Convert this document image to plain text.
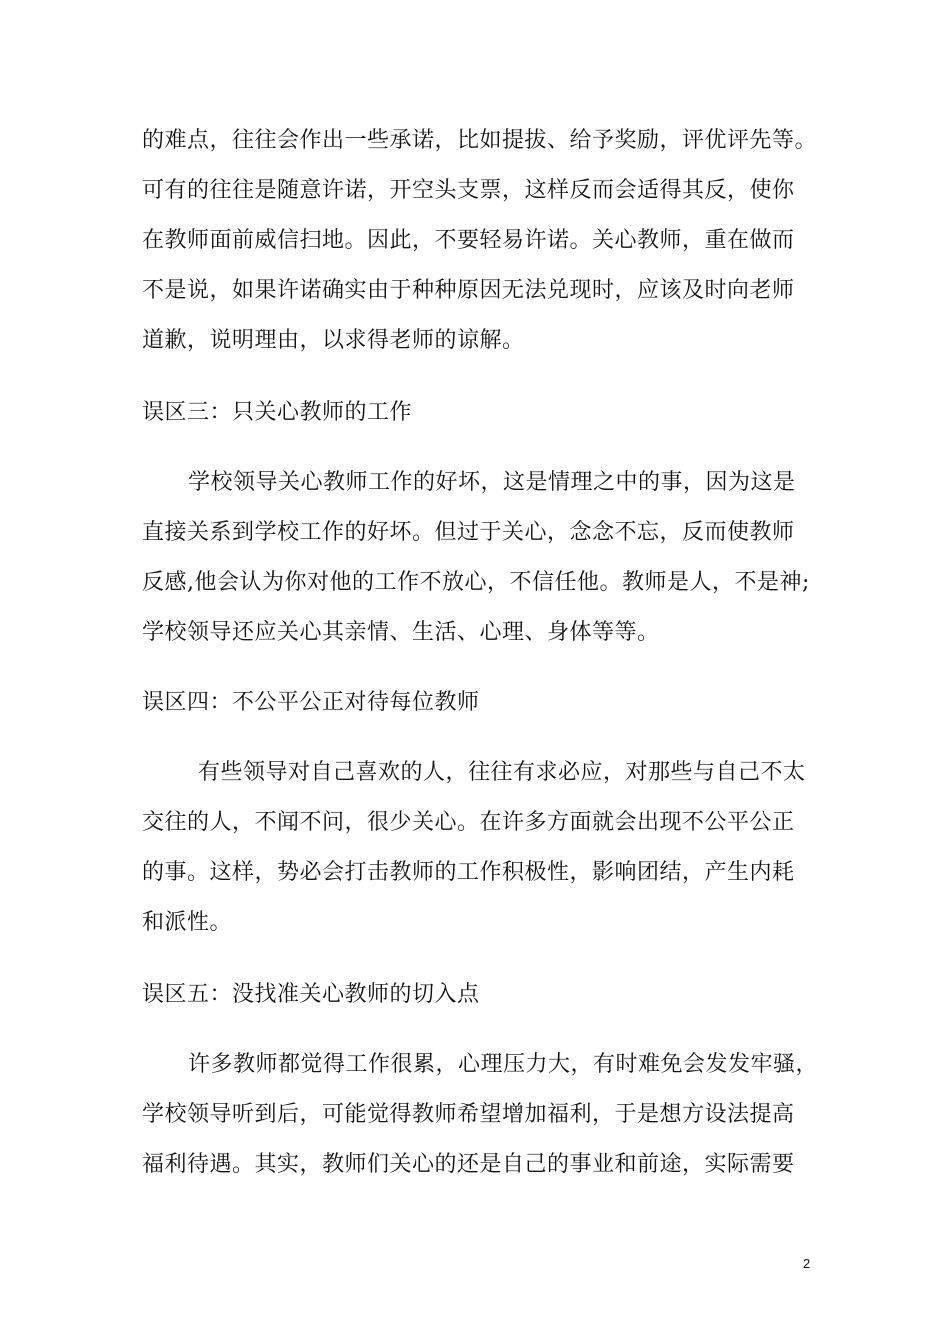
的难点，往往会作出一些承诺，比如提拔、给予奖励，评优评先等。
可有的往往是随意许诺，开空头支票，这样反而会适得其反，使你
在教师面前威信扫地。因此，不要轻易许诺。关心教师，重在做而
不是说，如果许诺确实由于种种原因无法兑现时，应该及时向老师
道歉，说明理由，以求得老师的谅解。
误区三：只关心教师的工作
学校领导关心教师工作的好坏，这是情理之中的事，因为这是
直接关系到学校工作的好坏。但过于关心，念念不忘，反而使教师
反感,他会认为你对他的工作不放心，不信任他。教师是人，不是神;
学校领导还应关心其亲情、生活、心理、身体等等。
误区四：不公平公正对待每位教师
有些领导对自己喜欢的人，往往有求必应，对那些与自己不太
交往的人，不闻不问，很少关心。在许多方面就会出现不公平公正
的事。这样，势必会打击教师的工作积极性，影响团结，产生内耗
和派性。
误区五：没找准关心教师的切入点
许多教师都觉得工作很累，心理压力大，有时难免会发发牢骚，
学校领导听到后，可能觉得教师希望增加福利，于是想方设法提高
福利待遇。其实，教师们关心的还是自己的事业和前途，实际需要
2
